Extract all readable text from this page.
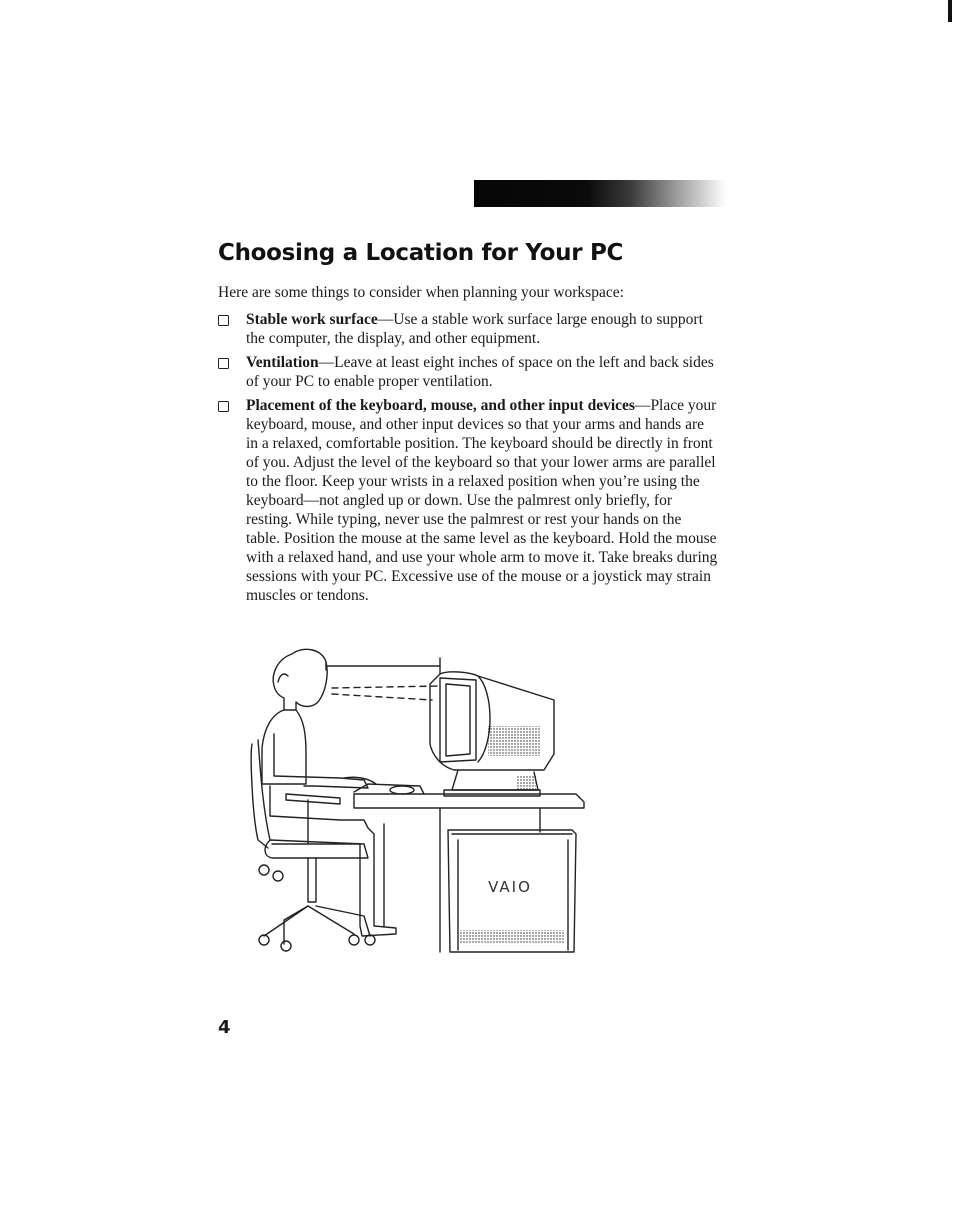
Choosing a Location for Your PC

Here are some things to consider when planning your workspace:

Stable work surface—Use a stable work surface large enough to support the computer, the display, and other equipment.
Ventilation—Leave at least eight inches of space on the left and back sides of your PC to enable proper ventilation.
Placement of the keyboard, mouse, and other input devices—Place your keyboard, mouse, and other input devices so that your arms and hands are in a relaxed, comfortable position. The keyboard should be directly in front of you. Adjust the level of the keyboard so that your lower arms are parallel to the floor. Keep your wrists in a relaxed position when you’re using the keyboard—not angled up or down. Use the palmrest only briefly, for resting. While typing, never use the palmrest or rest your hands on the table. Position the mouse at the same level as the keyboard. Hold the mouse with a relaxed hand, and use your whole arm to move it. Take breaks during sessions with your PC. Excessive use of the mouse or a joystick may strain muscles or tendons.
VAIO

4
